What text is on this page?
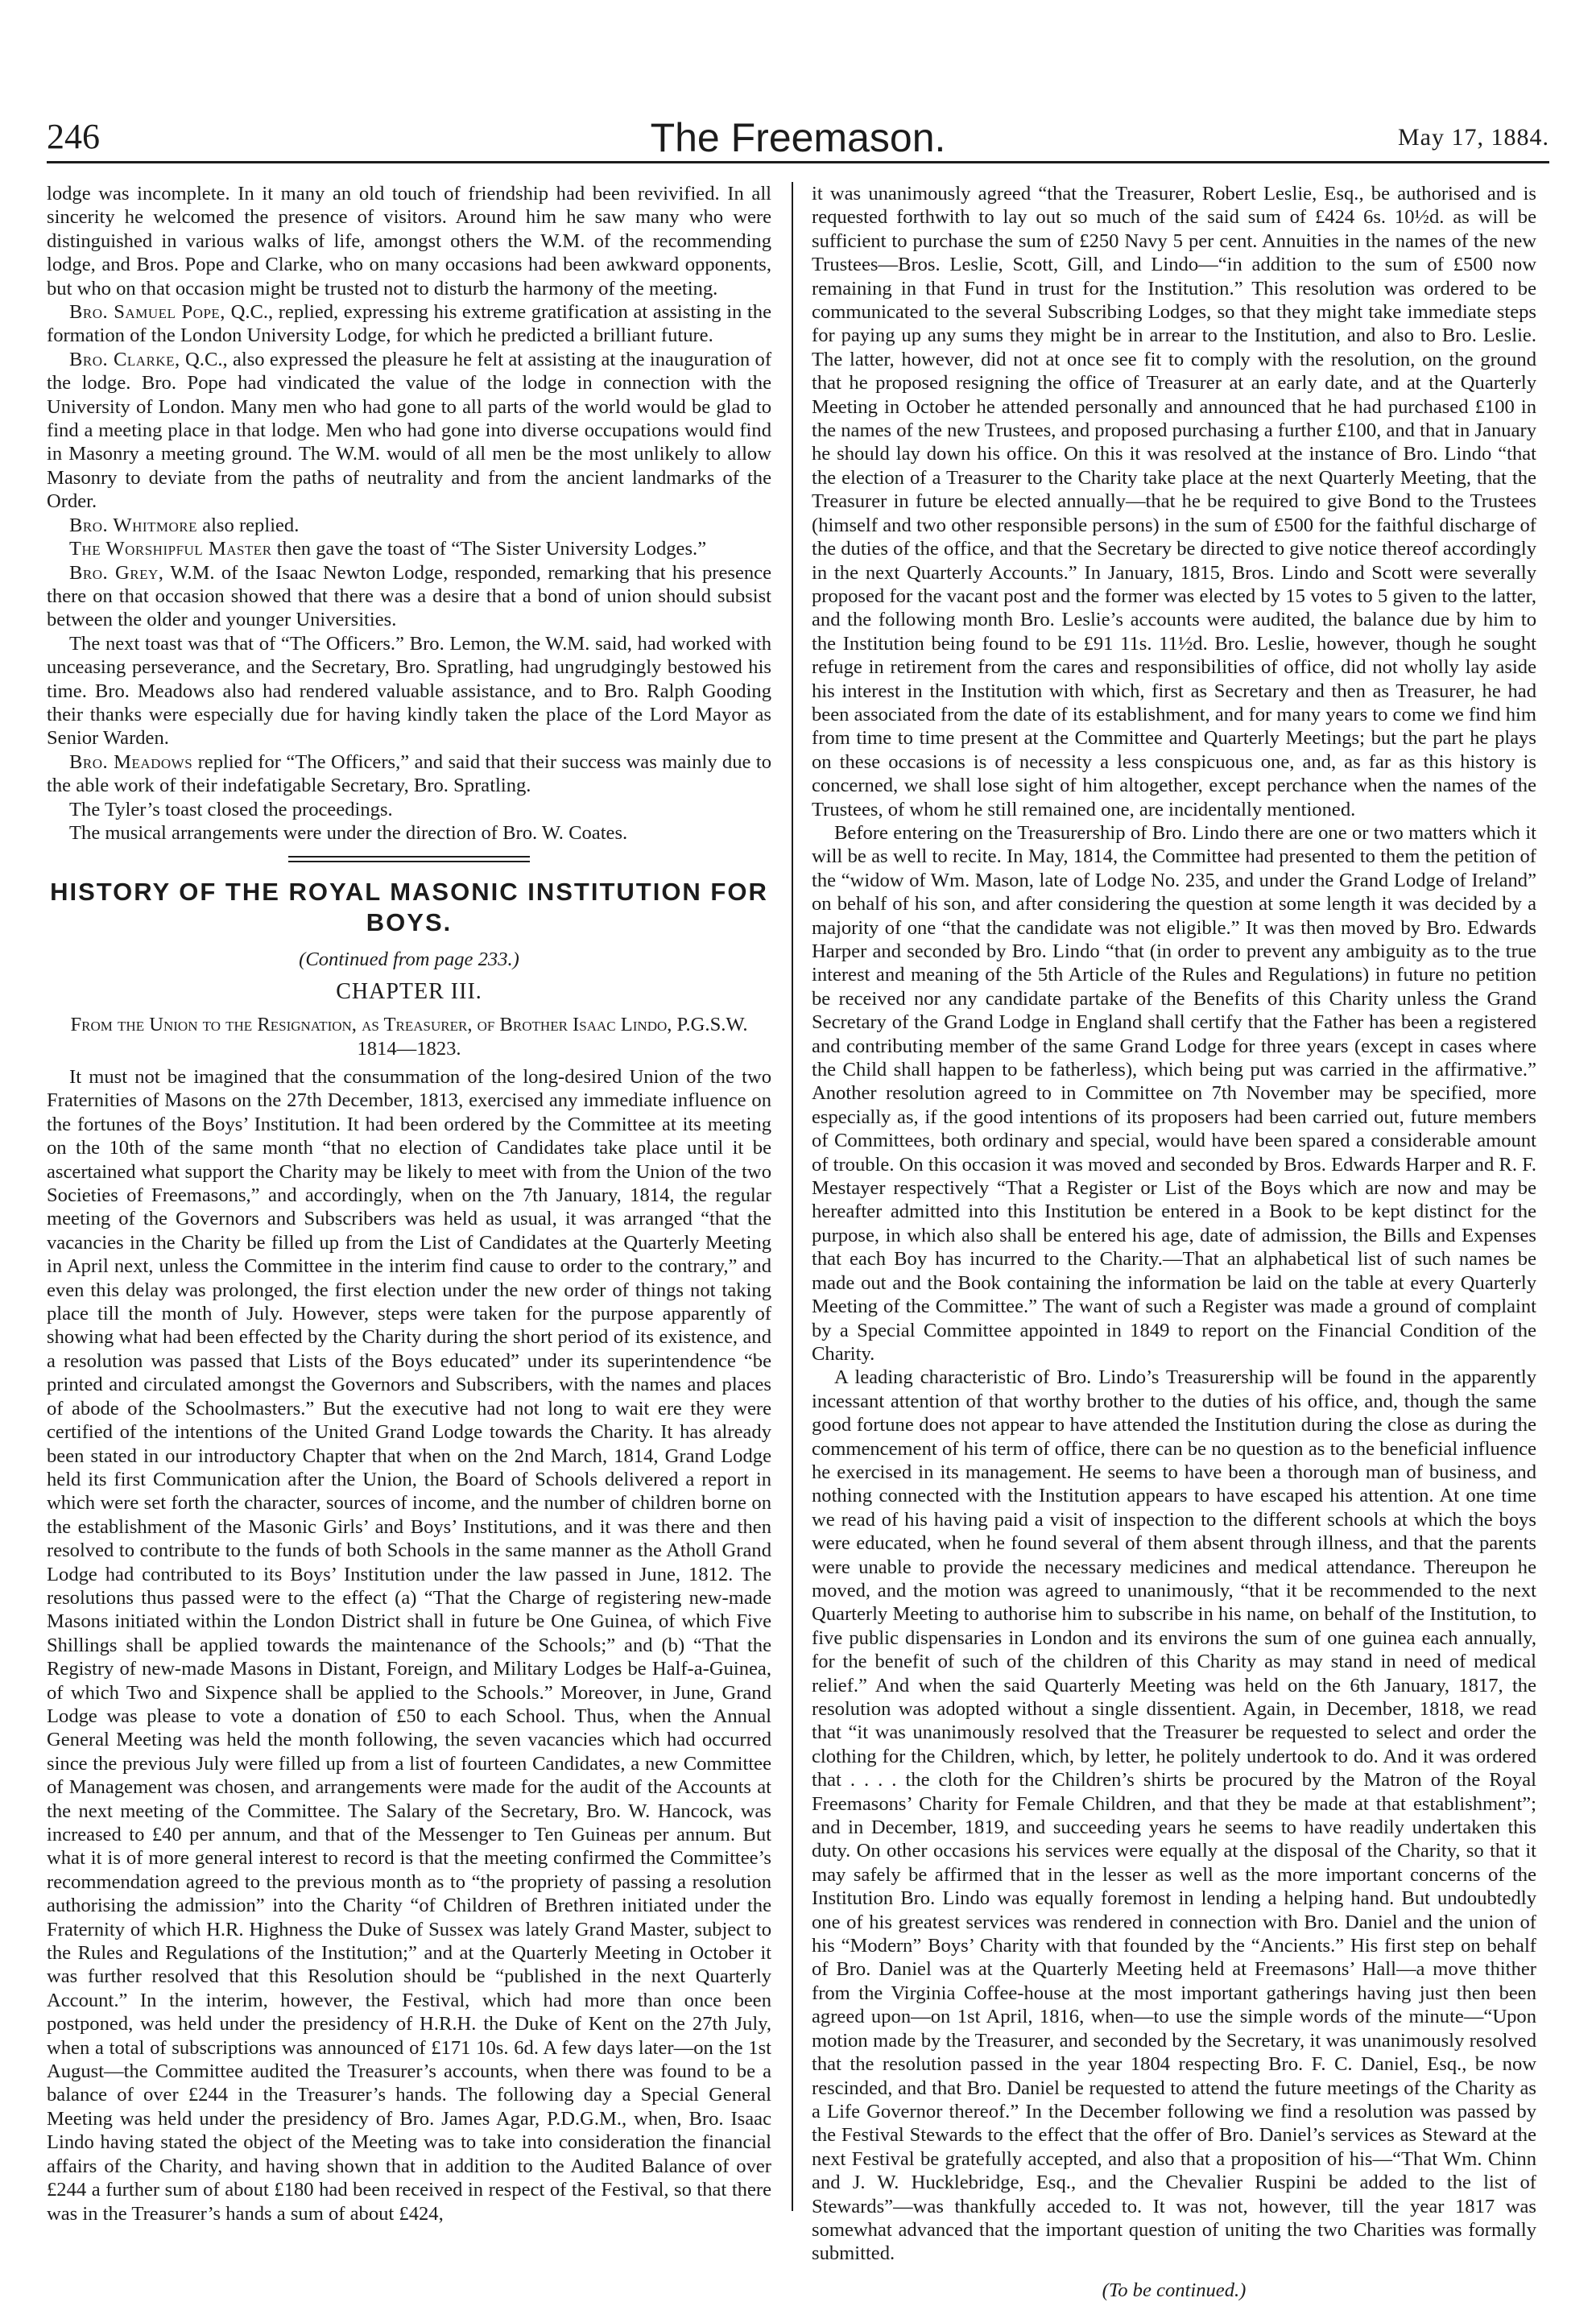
246	The Freemason.	May 17, 1884.

lodge was incomplete. In it many an old touch of friendship had been revivified. In all sincerity he welcomed the presence of visitors. Around him he saw many who were distinguished in various walks of life, amongst others the W.M. of the recommending lodge, and Bros. Pope and Clarke, who on many occasions had been awkward opponents, but who on that occasion might be trusted not to disturb the harmony of the meeting.

Bro. Samuel Pope, Q.C., replied, expressing his extreme gratification at assisting in the formation of the London University Lodge, for which he predicted a brilliant future.

Bro. Clarke, Q.C., also expressed the pleasure he felt at assisting at the inauguration of the lodge. Bro. Pope had vindicated the value of the lodge in connection with the University of London. Many men who had gone to all parts of the world would be glad to find a meeting place in that lodge. Men who had gone into diverse occupations would find in Masonry a meeting ground. The W.M. would of all men be the most unlikely to allow Masonry to deviate from the paths of neutrality and from the ancient landmarks of the Order.

Bro. Whitmore also replied.

The Worshipful Master then gave the toast of “The Sister University Lodges.”

Bro. Grey, W.M. of the Isaac Newton Lodge, responded, remarking that his presence there on that occasion showed that there was a desire that a bond of union should subsist between the older and younger Universities.

The next toast was that of “The Officers.” Bro. Lemon, the W.M. said, had worked with unceasing perseverance, and the Secretary, Bro. Spratling, had ungrudgingly bestowed his time. Bro. Meadows also had rendered valuable assistance, and to Bro. Ralph Gooding their thanks were especially due for having kindly taken the place of the Lord Mayor as Senior Warden.

Bro. Meadows replied for “The Officers,” and said that their success was mainly due to the able work of their indefatigable Secretary, Bro. Spratling.

The Tyler’s toast closed the proceedings.

The musical arrangements were under the direction of Bro. W. Coates.

HISTORY OF THE ROYAL MASONIC INSTITUTION FOR BOYS.
(Continued from page 233.)
CHAPTER III.
From the Union to the Resignation, as Treasurer, of Brother Isaac Lindo, P.G.S.W. 1814—1823.

It must not be imagined that the consummation of the long-desired Union of the two Fraternities of Masons on the 27th December, 1813, exercised any immediate influence on the fortunes of the Boys’ Institution. It had been ordered by the Committee at its meeting on the 10th of the same month “that no election of Candidates take place until it be ascertained what support the Charity may be likely to meet with from the Union of the two Societies of Freemasons,” and accordingly, when on the 7th January, 1814, the regular meeting of the Governors and Subscribers was held as usual, it was arranged “that the vacancies in the Charity be filled up from the List of Candidates at the Quarterly Meeting in April next, unless the Committee in the interim find cause to order to the contrary,” and even this delay was prolonged, the first election under the new order of things not taking place till the month of July. However, steps were taken for the purpose apparently of showing what had been effected by the Charity during the short period of its existence, and a resolution was passed that Lists of the Boys educated” under its superintendence “be printed and circulated amongst the Governors and Subscribers, with the names and places of abode of the Schoolmasters.” But the executive had not long to wait ere they were certified of the intentions of the United Grand Lodge towards the Charity. It has already been stated in our introductory Chapter that when on the 2nd March, 1814, Grand Lodge held its first Communication after the Union, the Board of Schools delivered a report in which were set forth the character, sources of income, and the number of children borne on the establishment of the Masonic Girls’ and Boys’ Institutions, and it was there and then resolved to contribute to the funds of both Schools in the same manner as the Atholl Grand Lodge had contributed to its Boys’ Institution under the law passed in June, 1812. The resolutions thus passed were to the effect (a) “That the Charge of registering new-made Masons initiated within the London District shall in future be One Guinea, of which Five Shillings shall be applied towards the maintenance of the Schools;” and (b) “That the Registry of new-made Masons in Distant, Foreign, and Military Lodges be Half-a-Guinea, of which Two and Sixpence shall be applied to the Schools.” Moreover, in June, Grand Lodge was please to vote a donation of £50 to each School. Thus, when the Annual General Meeting was held the month following, the seven vacancies which had occurred since the previous July were filled up from a list of fourteen Candidates, a new Committee of Management was chosen, and arrangements were made for the audit of the Accounts at the next meeting of the Committee. The Salary of the Secretary, Bro. W. Hancock, was increased to £40 per annum, and that of the Messenger to Ten Guineas per annum. But what it is of more general interest to record is that the meeting confirmed the Committee’s recommendation agreed to the previous month as to “the propriety of passing a resolution authorising the admission” into the Charity “of Children of Brethren initiated under the Fraternity of which H.R. Highness the Duke of Sussex was lately Grand Master, subject to the Rules and Regulations of the Institution;” and at the Quarterly Meeting in October it was further resolved that this Resolution should be “published in the next Quarterly Account.” In the interim, however, the Festival, which had more than once been postponed, was held under the presidency of H.R.H. the Duke of Kent on the 27th July, when a total of subscriptions was announced of £171 10s. 6d. A few days later—on the 1st August—the Committee audited the Treasurer’s accounts, when there was found to be a balance of over £244 in the Treasurer’s hands. The following day a Special General Meeting was held under the presidency of Bro. James Agar, P.D.G.M., when, Bro. Isaac Lindo having stated the object of the Meeting was to take into consideration the financial affairs of the Charity, and having shown that in addition to the Audited Balance of over £244 a further sum of about £180 had been received in respect of the Festival, so that there was in the Treasurer’s hands a sum of about £424,

it was unanimously agreed “that the Treasurer, Robert Leslie, Esq., be authorised and is requested forthwith to lay out so much of the said sum of £424 6s. 10½d. as will be sufficient to purchase the sum of £250 Navy 5 per cent. Annuities in the names of the new Trustees—Bros. Leslie, Scott, Gill, and Lindo—“in addition to the sum of £500 now remaining in that Fund in trust for the Institution.” This resolution was ordered to be communicated to the several Subscribing Lodges, so that they might take immediate steps for paying up any sums they might be in arrear to the Institution, and also to Bro. Leslie. The latter, however, did not at once see fit to comply with the resolution, on the ground that he proposed resigning the office of Treasurer at an early date, and at the Quarterly Meeting in October he attended personally and announced that he had purchased £100 in the names of the new Trustees, and proposed purchasing a further £100, and that in January he should lay down his office. On this it was resolved at the instance of Bro. Lindo “that the election of a Treasurer to the Charity take place at the next Quarterly Meeting, that the Treasurer in future be elected annually—that he be required to give Bond to the Trustees (himself and two other responsible persons) in the sum of £500 for the faithful discharge of the duties of the office, and that the Secretary be directed to give notice thereof accordingly in the next Quarterly Accounts.” In January, 1815, Bros. Lindo and Scott were severally proposed for the vacant post and the former was elected by 15 votes to 5 given to the latter, and the following month Bro. Leslie’s accounts were audited, the balance due by him to the Institution being found to be £91 11s. 11½d. Bro. Leslie, however, though he sought refuge in retirement from the cares and responsibilities of office, did not wholly lay aside his interest in the Institution with which, first as Secretary and then as Treasurer, he had been associated from the date of its establishment, and for many years to come we find him from time to time present at the Committee and Quarterly Meetings; but the part he plays on these occasions is of necessity a less conspicuous one, and, as far as this history is concerned, we shall lose sight of him altogether, except perchance when the names of the Trustees, of whom he still remained one, are incidentally mentioned.

Before entering on the Treasurership of Bro. Lindo there are one or two matters which it will be as well to recite. In May, 1814, the Committee had presented to them the petition of the “widow of Wm. Mason, late of Lodge No. 235, and under the Grand Lodge of Ireland” on behalf of his son, and after considering the question at some length it was decided by a majority of one “that the candidate was not eligible.” It was then moved by Bro. Edwards Harper and seconded by Bro. Lindo “that (in order to prevent any ambiguity as to the true interest and meaning of the 5th Article of the Rules and Regulations) in future no petition be received nor any candidate partake of the Benefits of this Charity unless the Grand Secretary of the Grand Lodge in England shall certify that the Father has been a registered and contributing member of the same Grand Lodge for three years (except in cases where the Child shall happen to be fatherless), which being put was carried in the affirmative.” Another resolution agreed to in Committee on 7th November may be specified, more especially as, if the good intentions of its proposers had been carried out, future members of Committees, both ordinary and special, would have been spared a considerable amount of trouble. On this occasion it was moved and seconded by Bros. Edwards Harper and R. F. Mestayer respectively “That a Register or List of the Boys which are now and may be hereafter admitted into this Institution be entered in a Book to be kept distinct for the purpose, in which also shall be entered his age, date of admission, the Bills and Expenses that each Boy has incurred to the Charity.—That an alphabetical list of such names be made out and the Book containing the information be laid on the table at every Quarterly Meeting of the Committee.” The want of such a Register was made a ground of complaint by a Special Committee appointed in 1849 to report on the Financial Condition of the Charity.

A leading characteristic of Bro. Lindo’s Treasurership will be found in the apparently incessant attention of that worthy brother to the duties of his office, and, though the same good fortune does not appear to have attended the Institution during the close as during the commencement of his term of office, there can be no question as to the beneficial influence he exercised in its management. He seems to have been a thorough man of business, and nothing connected with the Institution appears to have escaped his attention. At one time we read of his having paid a visit of inspection to the different schools at which the boys were educated, when he found several of them absent through illness, and that the parents were unable to provide the necessary medicines and medical attendance. Thereupon he moved, and the motion was agreed to unanimously, “that it be recommended to the next Quarterly Meeting to authorise him to subscribe in his name, on behalf of the Institution, to five public dispensaries in London and its environs the sum of one guinea each annually, for the benefit of such of the children of this Charity as may stand in need of medical relief.” And when the said Quarterly Meeting was held on the 6th January, 1817, the resolution was adopted without a single dissentient. Again, in December, 1818, we read that “it was unanimously resolved that the Treasurer be requested to select and order the clothing for the Children, which, by letter, he politely undertook to do. And it was ordered that . . . . the cloth for the Children’s shirts be procured by the Matron of the Royal Freemasons’ Charity for Female Children, and that they be made at that establishment”; and in December, 1819, and succeeding years he seems to have readily undertaken this duty. On other occasions his services were equally at the disposal of the Charity, so that it may safely be affirmed that in the lesser as well as the more important concerns of the Institution Bro. Lindo was equally foremost in lending a helping hand. But undoubtedly one of his greatest services was rendered in connection with Bro. Daniel and the union of his “Modern” Boys’ Charity with that founded by the “Ancients.” His first step on behalf of Bro. Daniel was at the Quarterly Meeting held at Freemasons’ Hall—a move thither from the Virginia Coffee-house at the most important gatherings having just then been agreed upon—on 1st April, 1816, when—to use the simple words of the minute—“Upon motion made by the Treasurer, and seconded by the Secretary, it was unanimously resolved that the resolution passed in the year 1804 respecting Bro. F. C. Daniel, Esq., be now rescinded, and that Bro. Daniel be requested to attend the future meetings of the Charity as a Life Governor thereof.” In the December following we find a resolution was passed by the Festival Stewards to the effect that the offer of Bro. Daniel’s services as Steward at the next Festival be gratefully accepted, and also that a proposition of his—“That Wm. Chinn and J. W. Hucklebridge, Esq., and the Chevalier Ruspini be added to the list of Stewards”—was thankfully acceded to. It was not, however, till the year 1817 was somewhat advanced that the important question of uniting the two Charities was formally submitted.

(To be continued.)
